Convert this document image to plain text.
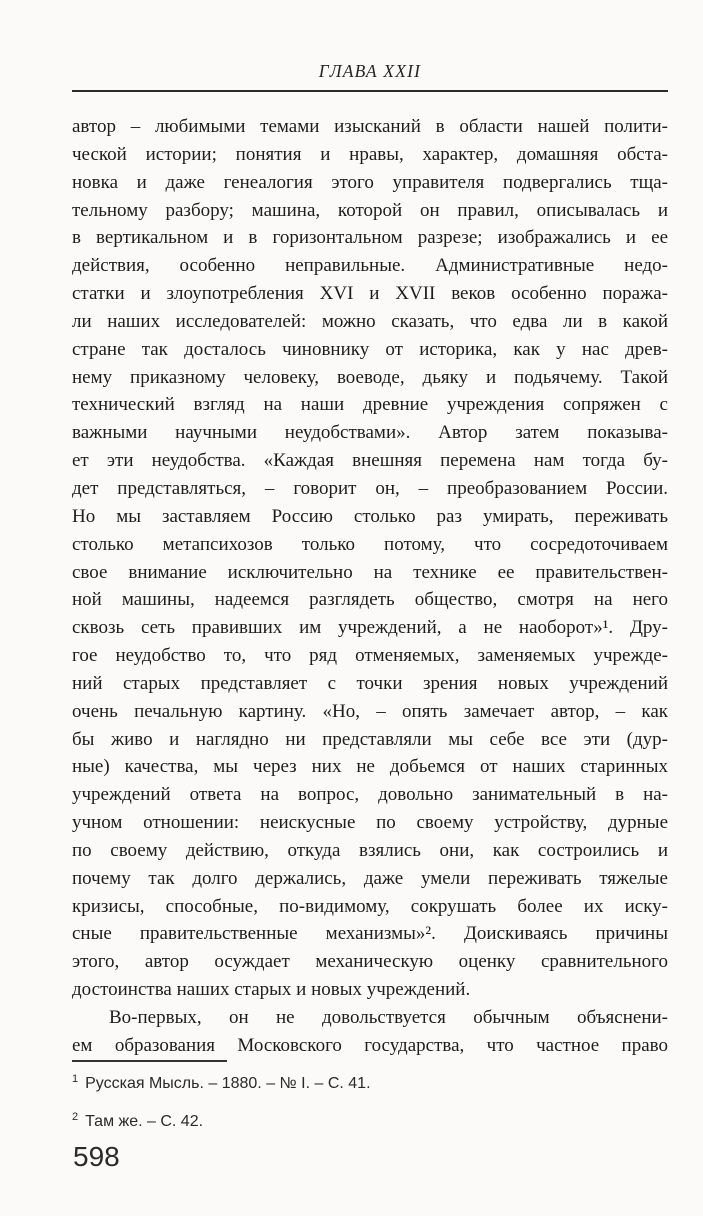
ГЛАВА XXII
автор – любимыми темами изысканий в области нашей полити-
ческой истории; понятия и нравы, характер, домашняя обста-
новка и даже генеалогия этого управителя подвергались тща-
тельному разбору; машина, которой он правил, описывалась и
в вертикальном и в горизонтальном разрезе; изображались и ее
действия, особенно неправильные. Административные недо-
статки и злоупотребления XVI и XVII веков особенно поража-
ли наших исследователей: можно сказать, что едва ли в какой
стране так досталось чиновнику от историка, как у нас древ-
нему приказному человеку, воеводе, дьяку и подьячему. Такой
технический взгляд на наши древние учреждения сопряжен с
важными научными неудобствами». Автор затем показыва-
ет эти неудобства. «Каждая внешняя перемена нам тогда бу-
дет представляться, – говорит он, – преобразованием России.
Но мы заставляем Россию столько раз умирать, переживать
столько метапсихозов только потому, что сосредоточиваем
свое внимание исключительно на технике ее правительствен-
ной машины, надеемся разглядеть общество, смотря на него
сквозь сеть правивших им учреждений, а не наоборот»¹. Дру-
гое неудобство то, что ряд отменяемых, заменяемых учрежде-
ний старых представляет с точки зрения новых учреждений
очень печальную картину. «Но, – опять замечает автор, – как
бы живо и наглядно ни представляли мы себе все эти (дур-
ные) качества, мы через них не добьемся от наших старинных
учреждений ответа на вопрос, довольно занимательный в на-
учном отношении: неискусные по своему устройству, дурные
по своему действию, откуда взялись они, как состроились и
почему так долго держались, даже умели переживать тяжелые
кризисы, способные, по-видимому, сокрушать более их иску-
сные правительственные механизмы»². Доискиваясь причины
этого, автор осуждает механическую оценку сравнительного
достоинства наших старых и новых учреждений.
Во-первых, он не довольствуется обычным объяснени-
ем образования Московского государства, что частное право
1 Русская Мысль. – 1880. – № I. – С. 41.
2 Там же. – С. 42.
598
